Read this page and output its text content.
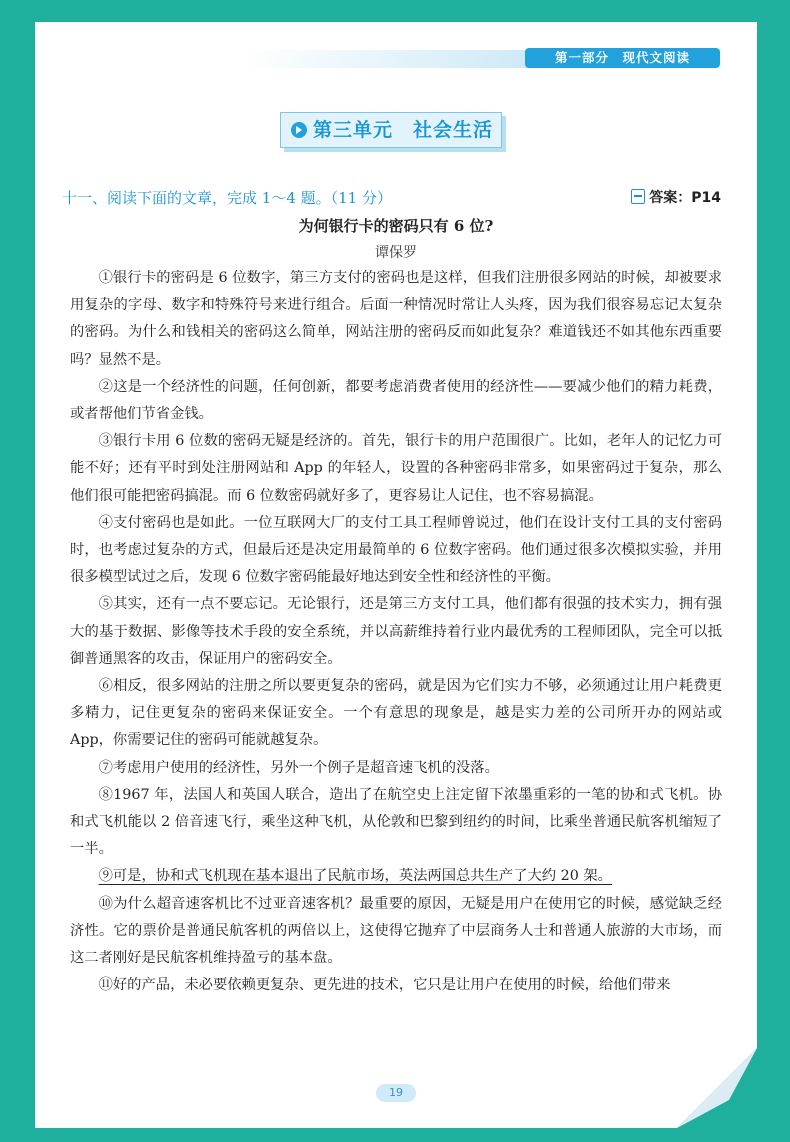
第一部分　现代文阅读
第三单元　社会生活
十一、阅读下面的文章，完成 1～4 题。（11 分）	答案：P14
为何银行卡的密码只有 6 位?
谭保罗

①银行卡的密码是 6 位数字，第三方支付的密码也是这样，但我们注册很多网站的时候，却被要求用复杂的字母、数字和特殊符号来进行组合。后面一种情况时常让人头疼，因为我们很容易忘记太复杂的密码。为什么和钱相关的密码这么简单，网站注册的密码反而如此复杂？难道钱还不如其他东西重要吗？显然不是。

②这是一个经济性的问题，任何创新，都要考虑消费者使用的经济性——要减少他们的精力耗费，或者帮他们节省金钱。

③银行卡用 6 位数的密码无疑是经济的。首先，银行卡的用户范围很广。比如，老年人的记忆力可能不好；还有平时到处注册网站和 App 的年轻人，设置的各种密码非常多，如果密码过于复杂，那么他们很可能把密码搞混。而 6 位数密码就好多了，更容易让人记住，也不容易搞混。

④支付密码也是如此。一位互联网大厂的支付工具工程师曾说过，他们在设计支付工具的支付密码时，也考虑过复杂的方式，但最后还是决定用最简单的 6 位数字密码。他们通过很多次模拟实验，并用很多模型试过之后，发现 6 位数字密码能最好地达到安全性和经济性的平衡。

⑤其实，还有一点不要忘记。无论银行，还是第三方支付工具，他们都有很强的技术实力，拥有强大的基于数据、影像等技术手段的安全系统，并以高薪维持着行业内最优秀的工程师团队，完全可以抵御普通黑客的攻击，保证用户的密码安全。

⑥相反，很多网站的注册之所以要更复杂的密码，就是因为它们实力不够，必须通过让用户耗费更多精力，记住更复杂的密码来保证安全。一个有意思的现象是，越是实力差的公司所开办的网站或 App，你需要记住的密码可能就越复杂。

⑦考虑用户使用的经济性，另外一个例子是超音速飞机的没落。

⑧1967 年，法国人和英国人联合，造出了在航空史上注定留下浓墨重彩的一笔的协和式飞机。协和式飞机能以 2 倍音速飞行，乘坐这种飞机，从伦敦和巴黎到纽约的时间，比乘坐普通民航客机缩短了一半。

⑨可是，协和式飞机现在基本退出了民航市场，英法两国总共生产了大约 20 架。

⑩为什么超音速客机比不过亚音速客机？最重要的原因，无疑是用户在使用它的时候，感觉缺乏经济性。它的票价是普通民航客机的两倍以上，这使得它抛弃了中层商务人士和普通人旅游的大市场，而这二者刚好是民航客机维持盈亏的基本盘。

⑪好的产品，未必要依赖更复杂、更先进的技术，它只是让用户在使用的时候，给他们带来

19
